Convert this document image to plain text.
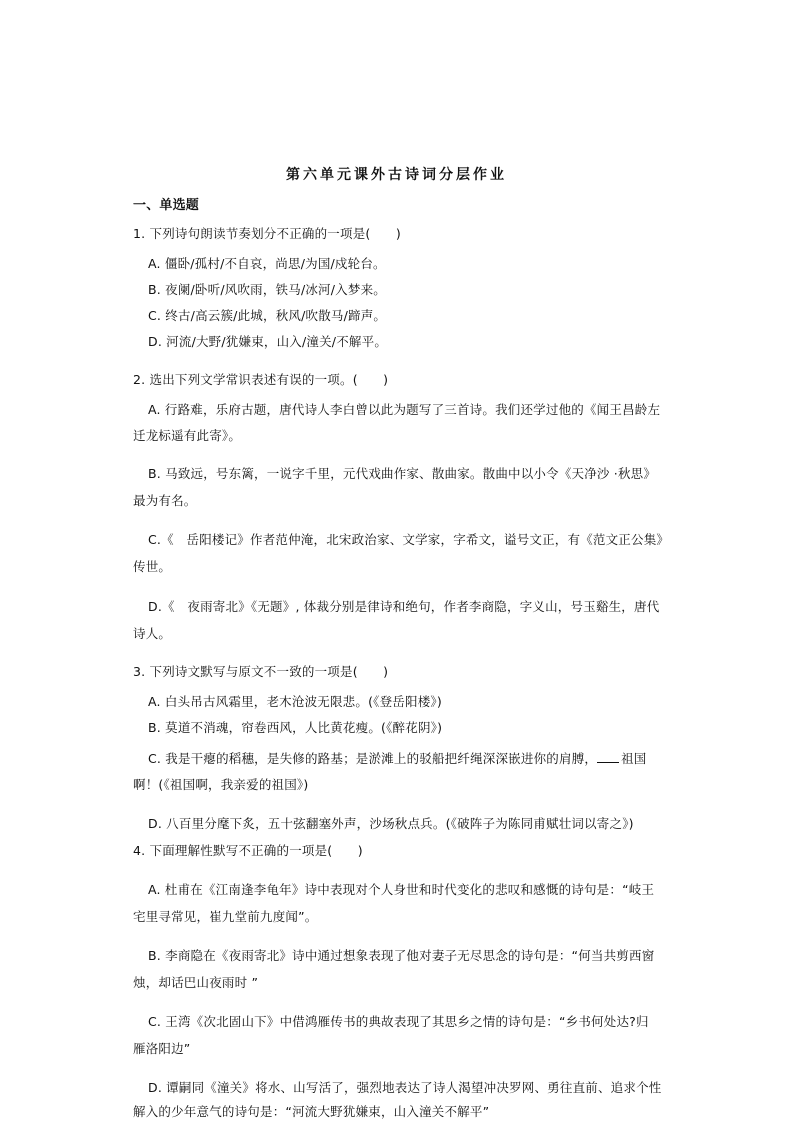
第六单元课外古诗词分层作业
一、单选题
1. 下列诗句朗读节奏划分不正确的一项是(　　)
A. 僵卧/孤村/不自哀，尚思/为国/戍轮台。
B. 夜阑/卧听/风吹雨，铁马/冰河/入梦来。
C. 终古/高云簇/此城，秋风/吹散马/蹄声。
D. 河流/大野/犹嫌束，山入/潼关/不解平。
2. 选出下列文学常识表述有误的一项。(　　)
A. 行路难，乐府古题，唐代诗人李白曾以此为题写了三首诗。我们还学过他的《闻王昌龄左
迁龙标遥有此寄》。
B. 马致远，号东篱，一说字千里，元代戏曲作家、散曲家。散曲中以小令《天净沙 ·秋思》
最为有名。
C.《　岳阳楼记》作者范仲淹，北宋政治家、文学家，字希文，谥号文正，有《范文正公集》
传世。
D.《　夜雨寄北》《无题》, 体裁分别是律诗和绝句，作者李商隐，字义山，号玉谿生，唐代
诗人。
3. 下列诗文默写与原文不一致的一项是(　　)
A. 白头吊古风霜里，老木沧波无限悲。(《登岳阳楼》)
B. 莫道不消魂，帘卷西风，人比黄花瘦。(《醉花阴》)
C. 我是干瘪的稻穗，是失修的路基；是淤滩上的驳船把纤绳深深嵌进你的肩膊， 祖国
啊！(《祖国啊，我亲爱的祖国》)
D. 八百里分麾下炙，五十弦翻塞外声，沙场秋点兵。(《破阵子为陈同甫赋壮词以寄之》)
4. 下面理解性默写不正确的一项是(　　)
A. 杜甫在《江南逢李龟年》诗中表现对个人身世和时代变化的悲叹和感慨的诗句是：“岐王
宅里寻常见，崔九堂前九度闻”。
B. 李商隐在《夜雨寄北》诗中通过想象表现了他对妻子无尽思念的诗句是：“何当共剪西窗
烛，却话巴山夜雨时 ”
C. 王湾《次北固山下》中借鸿雁传书的典故表现了其思乡之情的诗句是：“乡书何处达?归
雁洛阳边”
D. 谭嗣同《潼关》将水、山写活了，强烈地表达了诗人渴望冲决罗网、勇往直前、追求个性
解入的少年意气的诗句是：“河流大野犹嫌束，山入潼关不解平”
